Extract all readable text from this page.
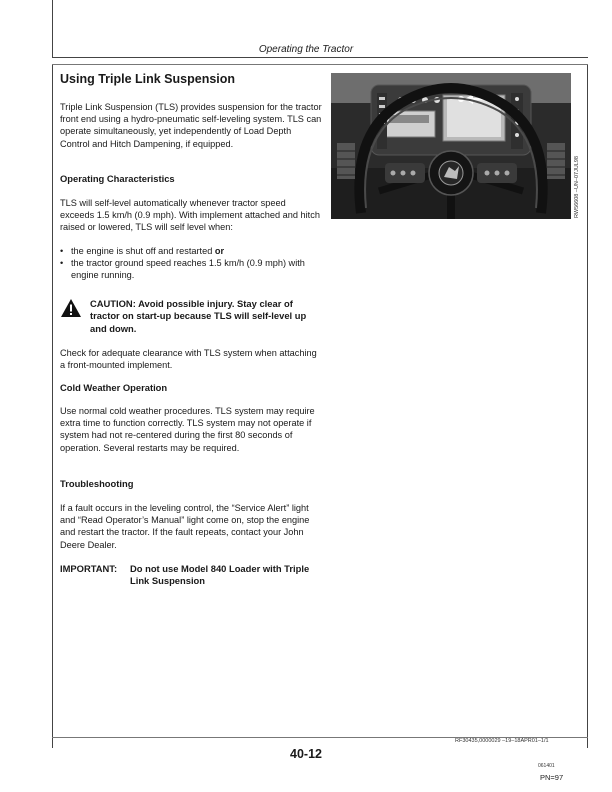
Operating the Tractor
Using Triple Link Suspension
Triple Link Suspension (TLS) provides suspension for the tractor front end using a hydro-pneumatic self-leveling system. TLS can operate simultaneously, yet independently of Load Depth Control and Hitch Dampening, if equipped.
Operating Characteristics
TLS will self-level automatically whenever tractor speed exceeds 1.5 km/h (0.9 mph). With implement attached and hitch raised or lowered, TLS will self level when:
• the engine is shut off and restarted or
• the tractor ground speed reaches 1.5 km/h (0.9 mph) with engine running.
CAUTION: Avoid possible injury. Stay clear of tractor on start-up because TLS will self-level up and down.
Check for adequate clearance with TLS system when attaching a front-mounted implement.
Cold Weather Operation
Use normal cold weather procedures. TLS system may require extra time to function correctly. TLS system may not operate if system had not re-centered during the first 80 seconds of operation. Several restarts may be required.
Troubleshooting
If a fault occurs in the leveling control, the “Service Alert” light and “Read Operator’s Manual” light come on, stop the engine and restart the tractor. If the fault repeats, contact your John Deere Dealer.
IMPORTANT: Do not use Model 840 Loader with Triple Link Suspension
RW56608 –UN–07JUL98
RF30435,0000029 –19–18APR01–1/1
40-12
061401
PN=97
